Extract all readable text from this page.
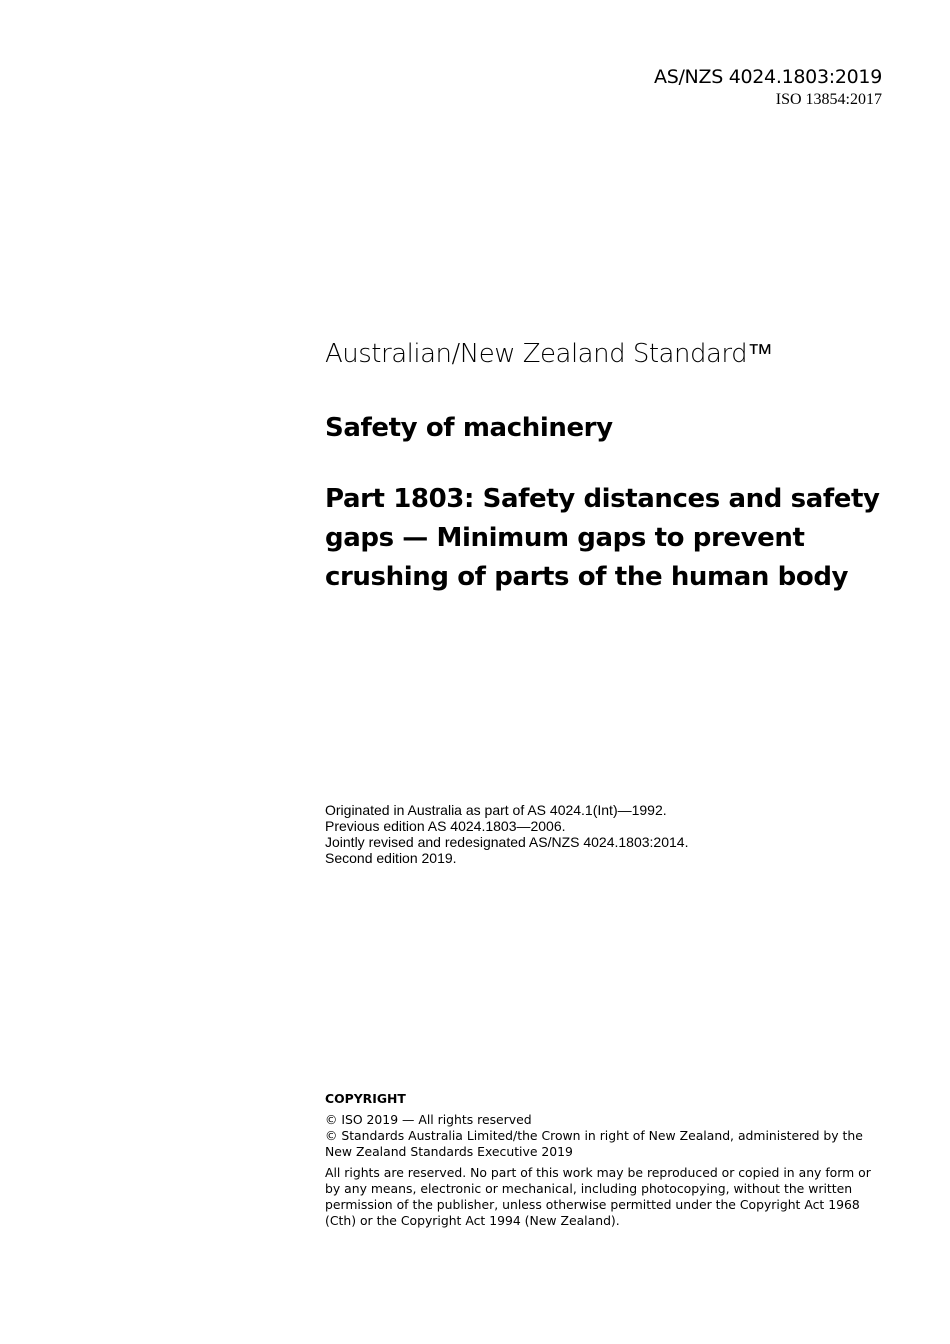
AS/NZS 4024.1803:2019
ISO 13854:2017
Australian/New Zealand Standard™
Safety of machinery
Part 1803: Safety distances and safety gaps — Minimum gaps to prevent crushing of parts of the human body
Originated in Australia as part of AS 4024.1(Int)—1992.
Previous edition AS 4024.1803—2006.
Jointly revised and redesignated AS/NZS 4024.1803:2014.
Second edition 2019.
COPYRIGHT
© ISO 2019 — All rights reserved
© Standards Australia Limited/the Crown in right of New Zealand, administered by the New Zealand Standards Executive 2019
All rights are reserved. No part of this work may be reproduced or copied in any form or by any means, electronic or mechanical, including photocopying, without the written permission of the publisher, unless otherwise permitted under the Copyright Act 1968 (Cth) or the Copyright Act 1994 (New Zealand).
